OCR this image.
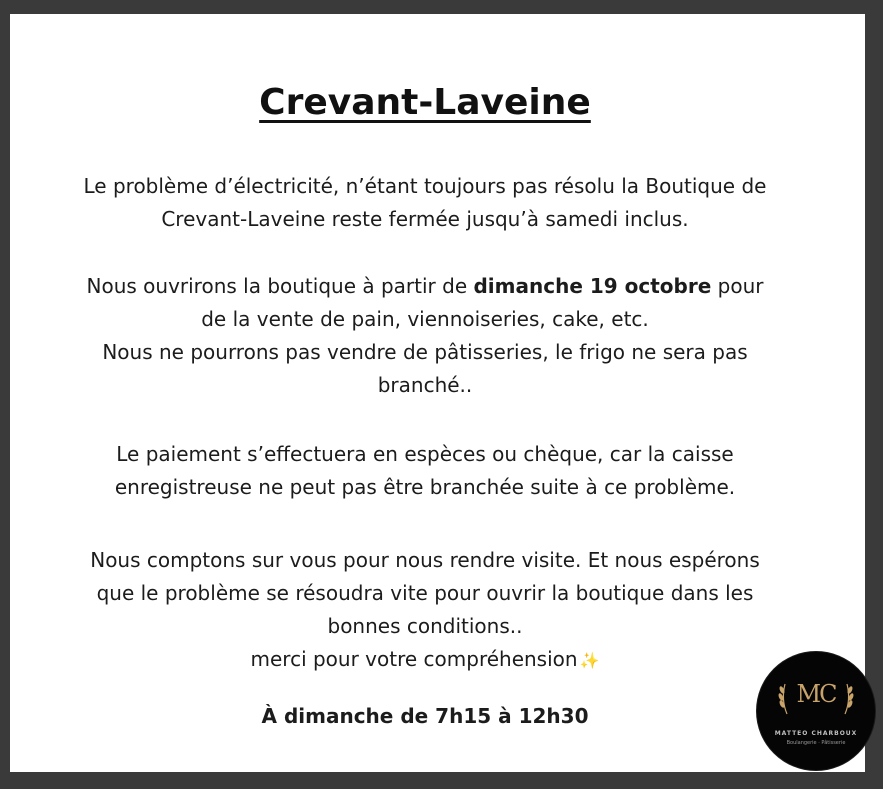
Crevant-Laveine
Le problème d’électricité, n’étant toujours pas résolu la Boutique de
Crevant-Laveine reste fermée jusqu’à samedi inclus.
Nous ouvrirons la boutique à partir de dimanche 19 octobre pour
de la vente de pain, viennoiseries, cake, etc.
Nous ne pourrons pas vendre de pâtisseries, le frigo ne sera pas
branché..
Le paiement s’effectuera en espèces ou chèque, car la caisse
enregistreuse ne peut pas être branchée suite à ce problème.
Nous comptons sur vous pour nous rendre visite. Et nous espérons
que le problème se résoudra vite pour ouvrir la boutique dans les
bonnes conditions..
merci pour votre compréhension ✨
À dimanche de 7h15 à 12h30
MC
MATTEO CHARBOUX
Boulangerie · Pâtisserie
